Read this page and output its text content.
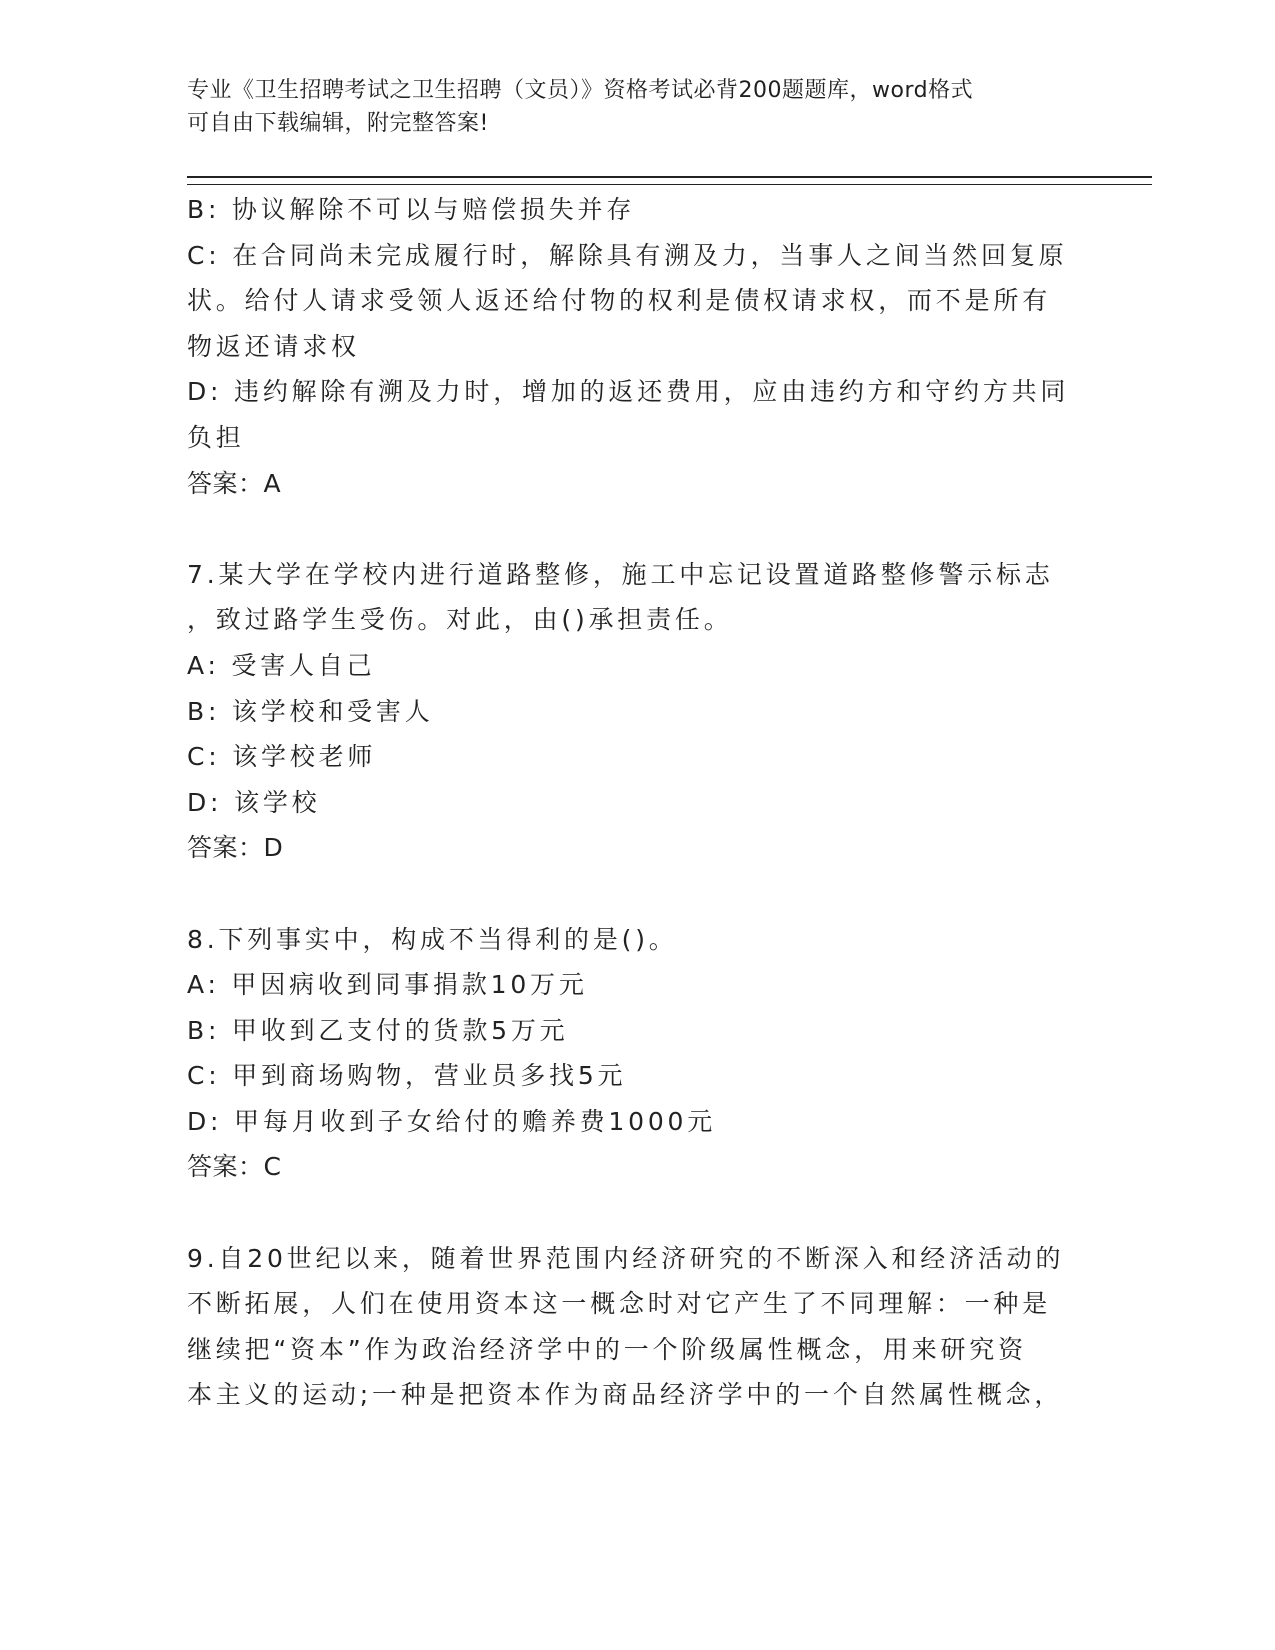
专业《卫生招聘考试之卫生招聘（文员）》资格考试必背200题题库，word格式
可自由下载编辑，附完整答案!
B: 协议解除不可以与赔偿损失并存
C: 在合同尚未完成履行时，解除具有溯及力，当事人之间当然回复原
状。给付人请求受领人返还给付物的权利是债权请求权，而不是所有
物返还请求权
D: 违约解除有溯及力时，增加的返还费用，应由违约方和守约方共同
负担
答案：A
7.某大学在学校内进行道路整修，施工中忘记设置道路整修警示标志
，致过路学生受伤。对此，由()承担责任。
A: 受害人自己
B: 该学校和受害人
C: 该学校老师
D: 该学校
答案：D
8.下列事实中，构成不当得利的是()。
A: 甲因病收到同事捐款10万元
B: 甲收到乙支付的货款5万元
C: 甲到商场购物，营业员多找5元
D: 甲每月收到子女给付的赡养费1000元
答案：C
9.自20世纪以来，随着世界范围内经济研究的不断深入和经济活动的
不断拓展，人们在使用资本这一概念时对它产生了不同理解：一种是
继续把“资本”作为政治经济学中的一个阶级属性概念，用来研究资
本主义的运动;一种是把资本作为商品经济学中的一个自然属性概念，
